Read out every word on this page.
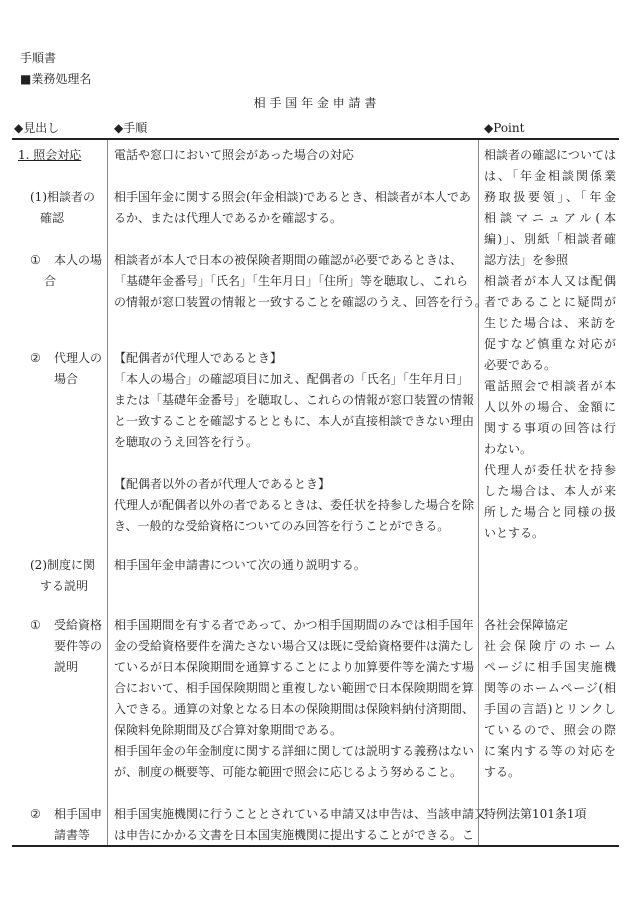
手順書
■業務処理名
相 手 国 年 金 申 請 書
◆見出し	◆手順	◆Point
1. 照会対応
(1)相談者の
確認
① 本人の場
合
② 代理人の
場合
(2)制度に関
する説明
① 受給資格
要件等の
説明
② 相手国申
請書等
電話や窓口において照会があった場合の対応
相手国年金に関する照会(年金相談)であるとき、相談者が本人であ
るか、または代理人であるかを確認する。
相談者が本人で日本の被保険者期間の確認が必要であるときは、
「基礎年金番号」「氏名」「生年月日」「住所」等を聴取し、これら
の情報が窓口装置の情報と一致することを確認のうえ、回答を行う。
【配偶者が代理人であるとき】
「本人の場合」の確認項目に加え、配偶者の「氏名」「生年月日」
または「基礎年金番号」を聴取し、これらの情報が窓口装置の情報
と一致することを確認するとともに、本人が直接相談できない理由
を聴取のうえ回答を行う。
【配偶者以外の者が代理人であるとき】
代理人が配偶者以外の者であるときは、委任状を持参した場合を除
き、一般的な受給資格についてのみ回答を行うことができる。
相手国年金申請書について次の通り説明する。
相手国期間を有する者であって、かつ相手国期間のみでは相手国年
金の受給資格要件を満たさない場合又は既に受給資格要件は満たし
ているが日本保険期間を通算することにより加算要件等を満たす場
合において、相手国保険期間と重複しない範囲で日本保険期間を算
入できる。通算の対象となる日本の保険期間は保険料納付済期間、
保険料免除期間及び合算対象期間である。
相手国年金の年金制度に関する詳細に関しては説明する義務はない
が、制度の概要等、可能な範囲で照会に応じるよう努めること。
相手国実施機関に行うこととされている申請又は申告は、当該申請又
は申告にかかる文書を日本国実施機関に提出することができる。こ
相談者の確認については
は、「年金相談関係業
務取扱要領」、「年金
相談マニュアル(本
編)」、別紙「相談者確
認方法」を参照
相談者が本人又は配偶
者であることに疑問が
生じた場合は、来訪を
促すなど慎重な対応が
必要である。
電話照会で相談者が本
人以外の場合、金額に
関する事項の回答は行
わない。
代理人が委任状を持参
した場合は、本人が来
所した場合と同様の扱
いとする。
各社会保障協定
社会保険庁のホーム
ページに相手国実施機
関等のホームページ(相
手国の言語)とリンクし
ているので、照会の際
に案内する等の対応を
する。
特例法第101条1項
